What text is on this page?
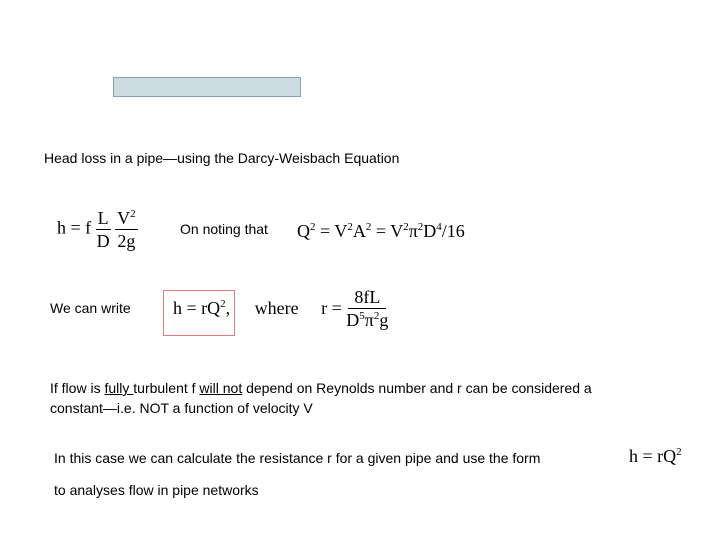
Head loss in a pipe—using the Darcy-Weisbach Equation
h = f $\frac{L}{D}$
$\frac{V^2}{2g}$	On noting that $Q^2 = V^2A^2 = V^2\pi^2D^4/16$
We can write $h = rQ^2$, where $r = \frac{8fL}{D^5\pi^2g}$
If flow is fully turbulent f will not depend on Reynolds number and r can be considered a
constant—i.e. NOT a function of velocity V
In this case we can calculate the resistance r for a given pipe and use the form	$h = rQ^2$
to analyses flow in pipe networks
